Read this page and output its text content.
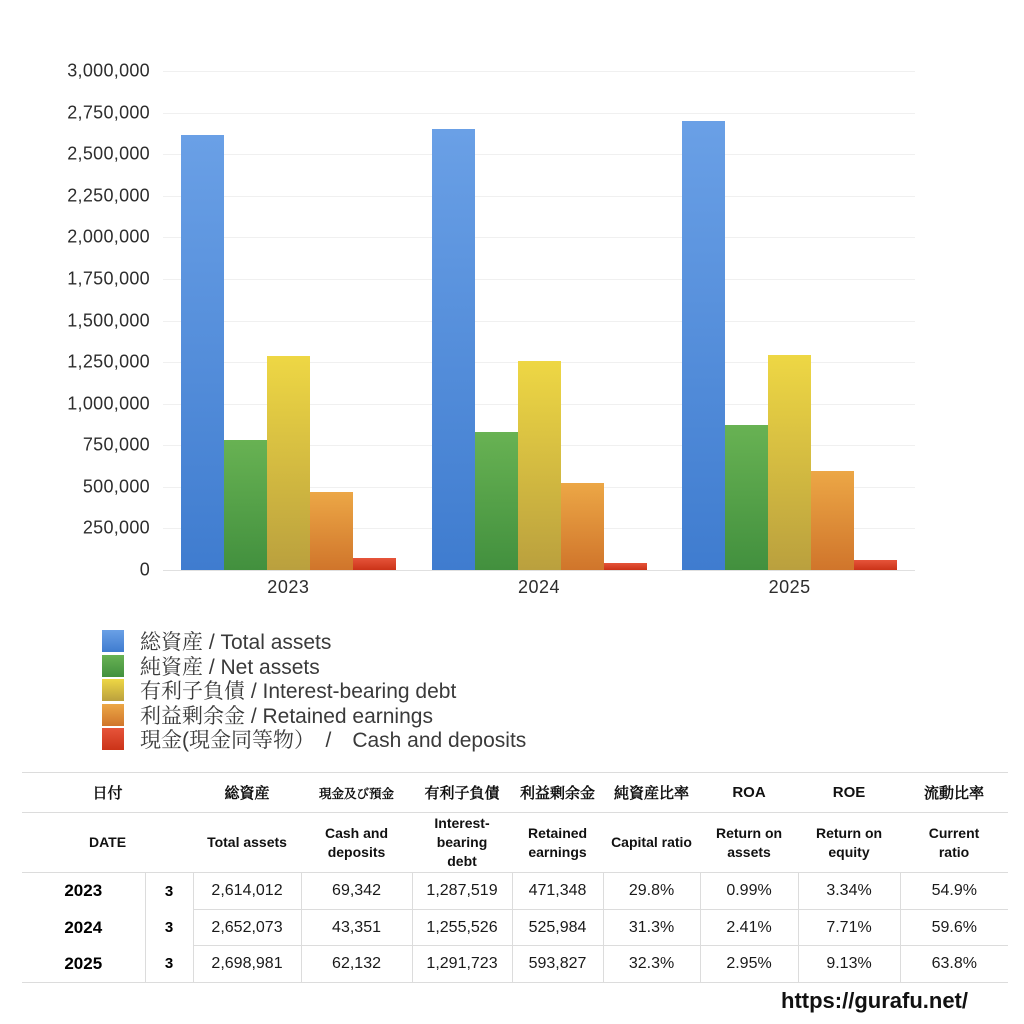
2023	2024	2025
0
250,000
500,000
750,000
1,000,000
1,250,000
1,500,000
1,750,000
2,000,000
2,250,000
2,500,000
2,750,000
3,000,000
総資産 / Total assets
純資産 / Net assets
有利子負債 / Interest-bearing debt
利益剰余金 / Retained earnings
現金(現金同等物）　/　Cash and deposits
日付		総資産	現金及び預金	有利子負債	利益剰余金	純資産比率	ROA	ROE	流動比率
DATE		Total assets	Cash and deposits	Interest-bearing debt	Retained earnings	Capital ratio	Return on assets	Return on equity	Current ratio
2023	3	2,614,012	69,342	1,287,519	471,348	29.8%	0.99%	3.34%	54.9%
2024	3	2,652,073	43,351	1,255,526	525,984	31.3%	2.41%	7.71%	59.6%
2025	3	2,698,981	62,132	1,291,723	593,827	32.3%	2.95%	9.13%	63.8%
https://gurafu.net/
